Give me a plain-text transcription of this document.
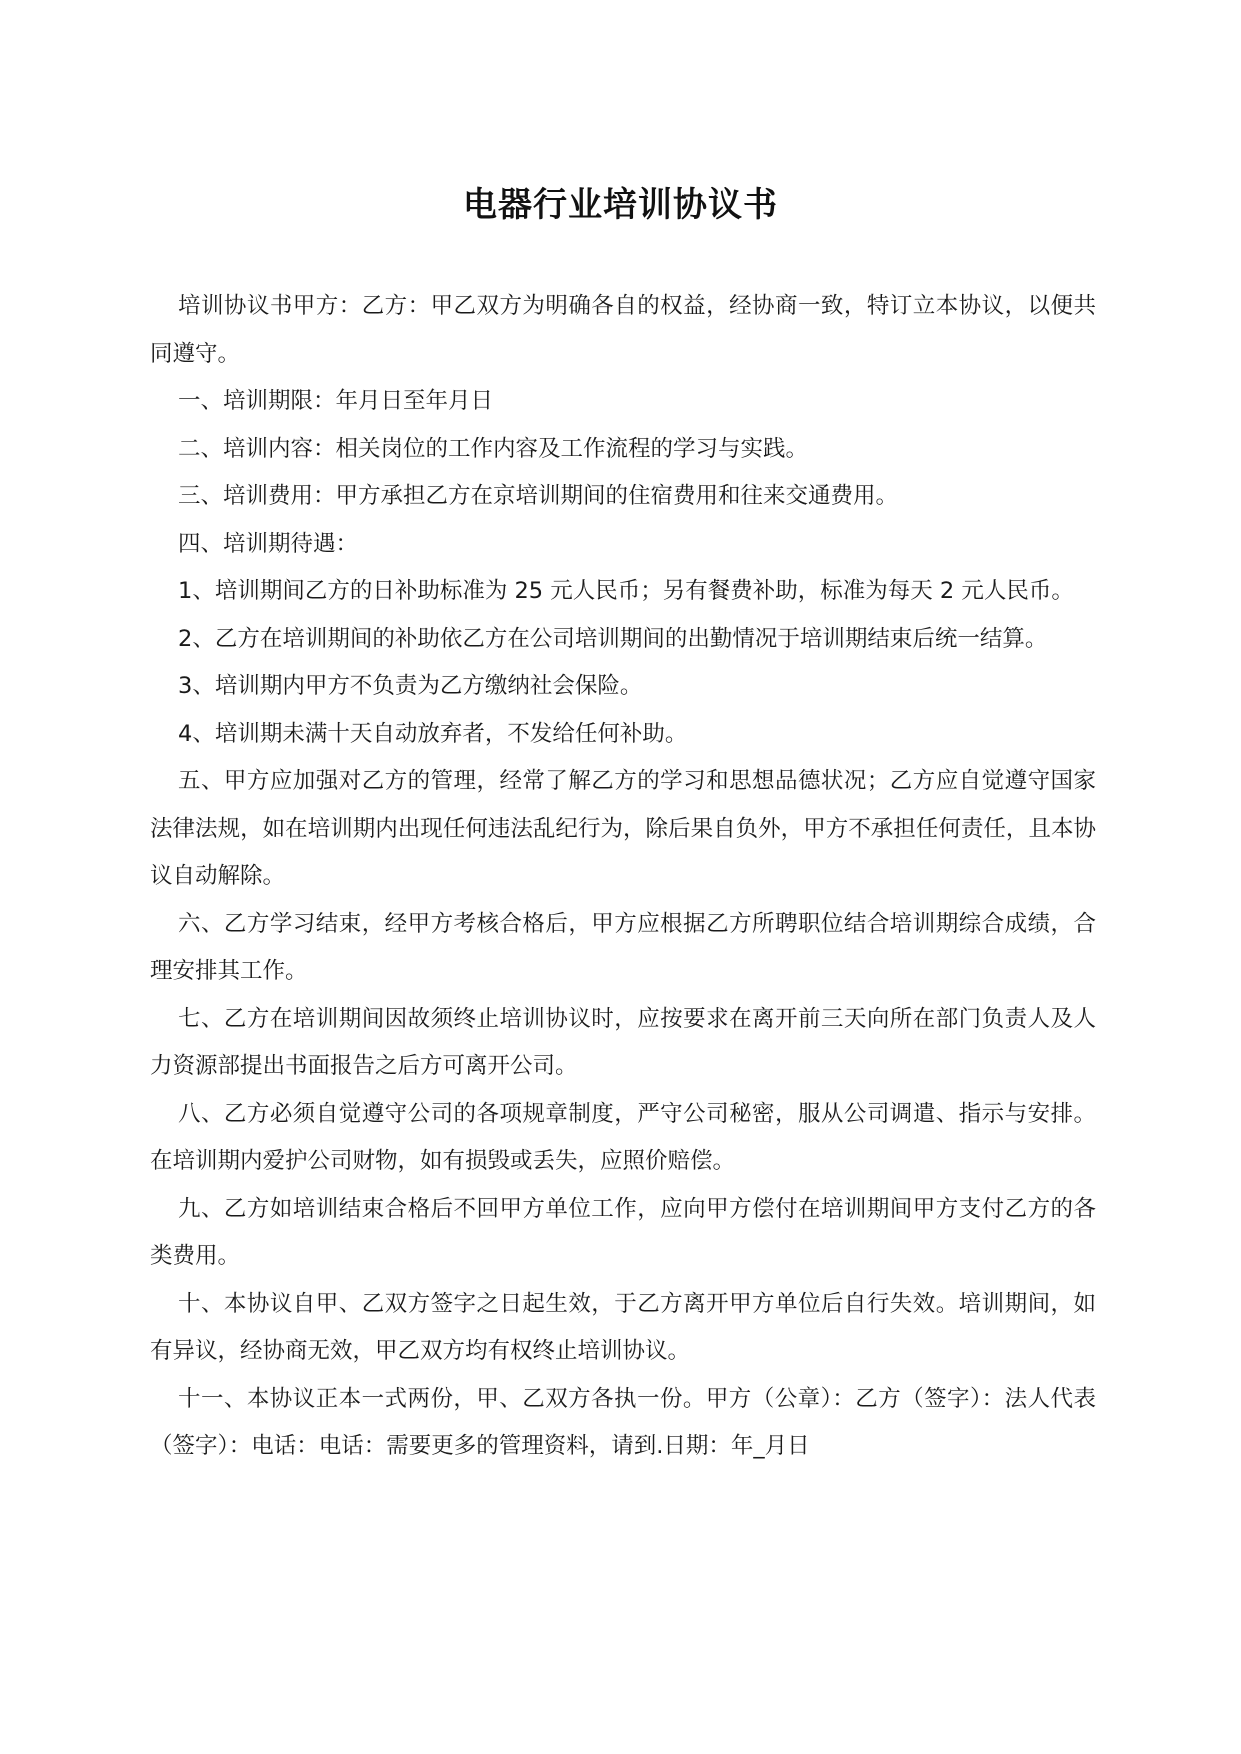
电器行业培训协议书

培训协议书甲方：乙方：甲乙双方为明确各自的权益，经协商一致，特订立本协议，以便共同遵守。

一、培训期限：年月日至年月日

二、培训内容：相关岗位的工作内容及工作流程的学习与实践。

三、培训费用：甲方承担乙方在京培训期间的住宿费用和往来交通费用。

四、培训期待遇：

1、培训期间乙方的日补助标准为 25 元人民币；另有餐费补助，标准为每天 2 元人民币。

2、乙方在培训期间的补助依乙方在公司培训期间的出勤情况于培训期结束后统一结算。

3、培训期内甲方不负责为乙方缴纳社会保险。

4、培训期未满十天自动放弃者，不发给任何补助。

五、甲方应加强对乙方的管理，经常了解乙方的学习和思想品德状况；乙方应自觉遵守国家法律法规，如在培训期内出现任何违法乱纪行为，除后果自负外，甲方不承担任何责任，且本协议自动解除。

六、乙方学习结束，经甲方考核合格后，甲方应根据乙方所聘职位结合培训期综合成绩，合理安排其工作。

七、乙方在培训期间因故须终止培训协议时，应按要求在离开前三天向所在部门负责人及人力资源部提出书面报告之后方可离开公司。

八、乙方必须自觉遵守公司的各项规章制度，严守公司秘密，服从公司调遣、指示与安排。在培训期内爱护公司财物，如有损毁或丢失，应照价赔偿。

九、乙方如培训结束合格后不回甲方单位工作，应向甲方偿付在培训期间甲方支付乙方的各类费用。

十、本协议自甲、乙双方签字之日起生效，于乙方离开甲方单位后自行失效。培训期间，如有异议，经协商无效，甲乙双方均有权终止培训协议。

十一、本协议正本一式两份，甲、乙双方各执一份。甲方（公章）：乙方（签字）：法人代表（签字）：电话：电话：需要更多的管理资料，请到.日期：年_月日
